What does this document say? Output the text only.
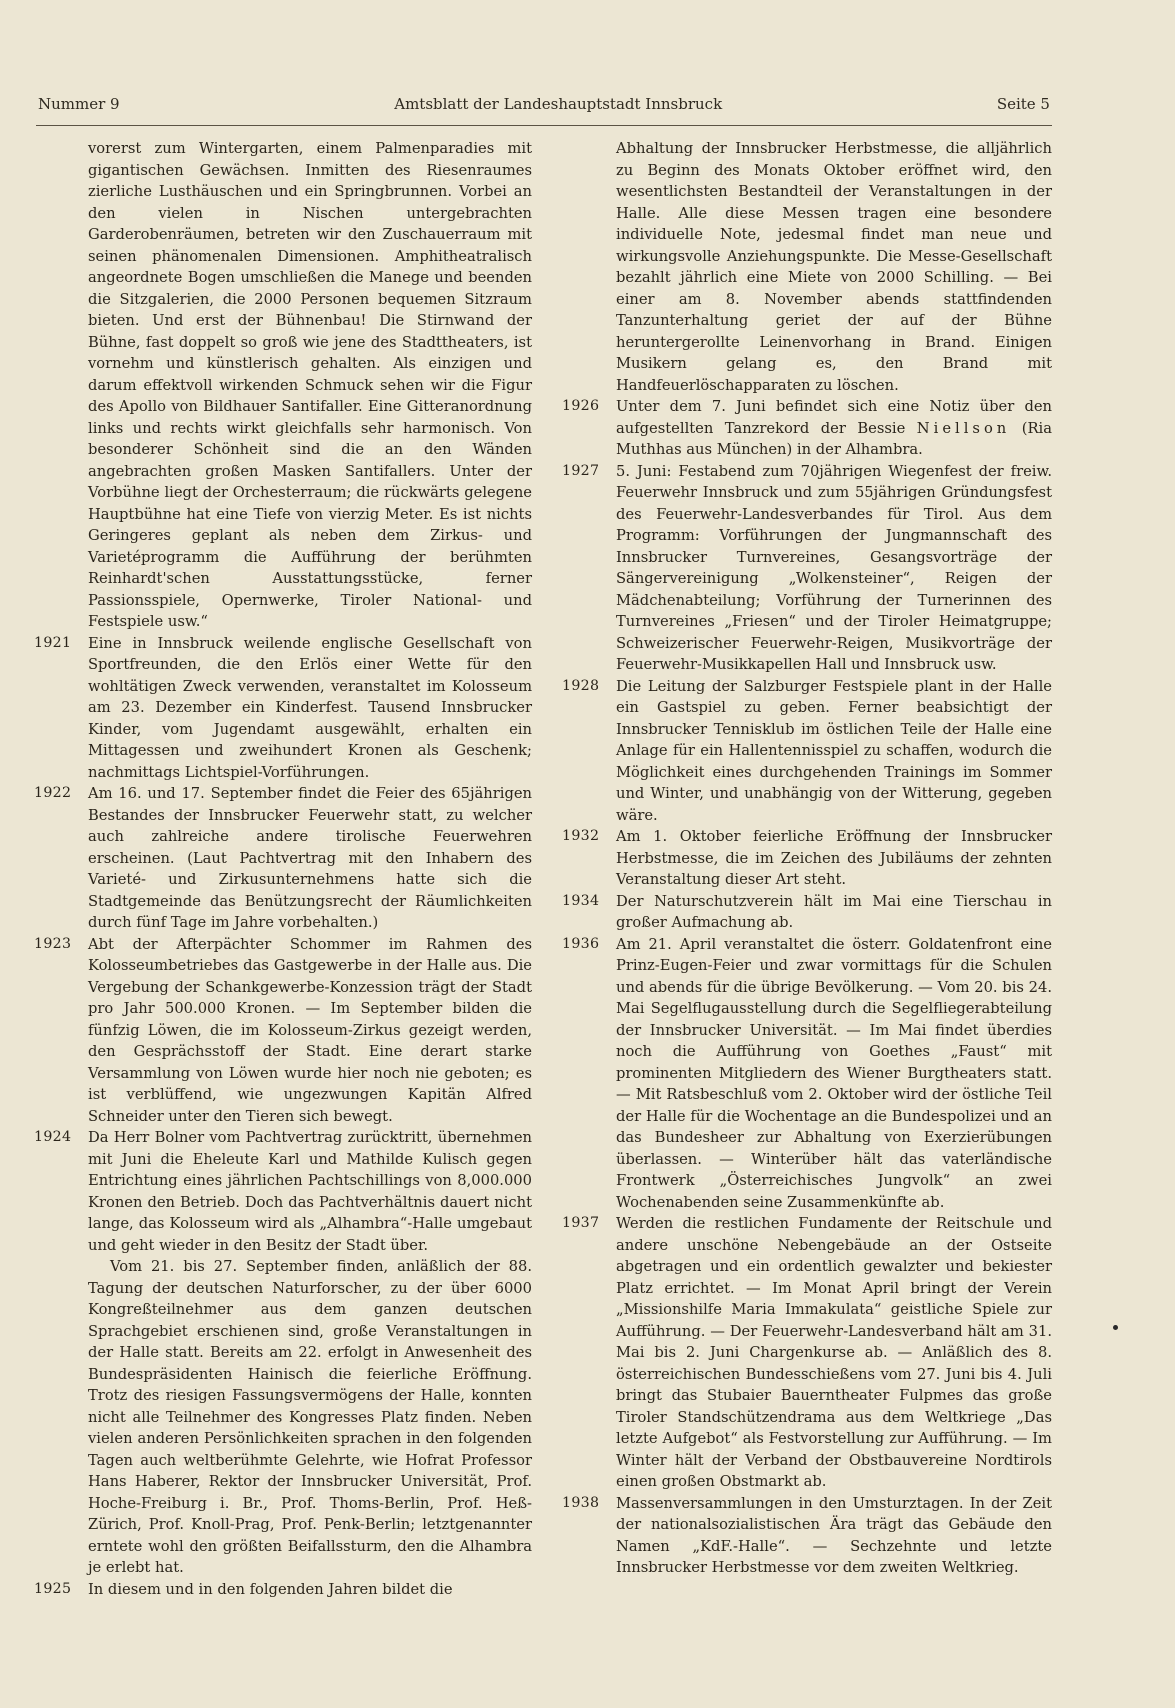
Nummer 9	Amtsblatt der Landeshauptstadt Innsbruck	Seite 5

vorerst zum Wintergarten, einem Palmenparadies mit gigantischen Gewächsen. Inmitten des Riesenraumes zierliche Lusthäuschen und ein Springbrunnen. Vorbei an den vielen in Nischen untergebrachten Garderobenräumen, betreten wir den Zuschauerraum mit seinen phänomenalen Dimensionen. Amphitheatralisch angeordnete Bogen umschließen die Manege und beenden die Sitzgalerien, die 2000 Personen bequemen Sitzraum bieten. Und erst der Bühnenbau! Die Stirnwand der Bühne, fast doppelt so groß wie jene des Stadttheaters, ist vornehm und künstlerisch gehalten. Als einzigen und darum effektvoll wirkenden Schmuck sehen wir die Figur des Apollo von Bildhauer Santifaller. Eine Gitteranordnung links und rechts wirkt gleichfalls sehr harmonisch. Von besonderer Schönheit sind die an den Wänden angebrachten großen Masken Santifallers. Unter der Vorbühne liegt der Orchesterraum; die rückwärts gelegene Hauptbühne hat eine Tiefe von vierzig Meter. Es ist nichts Geringeres geplant als neben dem Zirkus- und Varietéprogramm die Aufführung der berühmten Reinhardt'schen Ausstattungsstücke, ferner Passionsspiele, Opernwerke, Tiroler National- und Festspiele usw.“

1921	Eine in Innsbruck weilende englische Gesellschaft von Sportfreunden, die den Erlös einer Wette für den wohltätigen Zweck verwenden, veranstaltet im Kolosseum am 23. Dezember ein Kinderfest. Tausend Innsbrucker Kinder, vom Jugendamt ausgewählt, erhalten ein Mittagessen und zweihundert Kronen als Geschenk; nachmittags Lichtspiel-Vorführungen.

1922	Am 16. und 17. September findet die Feier des 65jährigen Bestandes der Innsbrucker Feuerwehr statt, zu welcher auch zahlreiche andere tirolische Feuerwehren erscheinen. (Laut Pachtvertrag mit den Inhabern des Varieté- und Zirkusunternehmens hatte sich die Stadtgemeinde das Benützungsrecht der Räumlichkeiten durch fünf Tage im Jahre vorbehalten.)

1923	Abt der Afterpächter Schommer im Rahmen des Kolosseumbetriebes das Gastgewerbe in der Halle aus. Die Vergebung der Schankgewerbe-Konzession trägt der Stadt pro Jahr 500.000 Kronen. — Im September bilden die fünfzig Löwen, die im Kolosseum-Zirkus gezeigt werden, den Gesprächsstoff der Stadt. Eine derart starke Versammlung von Löwen wurde hier noch nie geboten; es ist verblüffend, wie ungezwungen Kapitän Alfred Schneider unter den Tieren sich bewegt.

1924	Da Herr Bolner vom Pachtvertrag zurücktritt, übernehmen mit Juni die Eheleute Karl und Mathilde Kulisch gegen Entrichtung eines jährlichen Pachtschillings von 8,000.000 Kronen den Betrieb. Doch das Pachtverhältnis dauert nicht lange, das Kolosseum wird als „Alhambra“-Halle umgebaut und geht wieder in den Besitz der Stadt über.

Vom 21. bis 27. September finden, anläßlich der 88. Tagung der deutschen Naturforscher, zu der über 6000 Kongreßteilnehmer aus dem ganzen deutschen Sprachgebiet erschienen sind, große Veranstaltungen in der Halle statt. Bereits am 22. erfolgt in Anwesenheit des Bundespräsidenten Hainisch die feierliche Eröffnung. Trotz des riesigen Fassungsvermögens der Halle, konnten nicht alle Teilnehmer des Kongresses Platz finden. Neben vielen anderen Persönlichkeiten sprachen in den folgenden Tagen auch weltberühmte Gelehrte, wie Hofrat Professor Hans Haberer, Rektor der Innsbrucker Universität, Prof. Hoche-Freiburg i. Br., Prof. Thoms-Berlin, Prof. Heß-Zürich, Prof. Knoll-Prag, Prof. Penk-Berlin; letztgenannter erntete wohl den größten Beifallssturm, den die Alhambra je erlebt hat.

1925	In diesem und in den folgenden Jahren bildet die

Abhaltung der Innsbrucker Herbstmesse, die alljährlich zu Beginn des Monats Oktober eröffnet wird, den wesentlichsten Bestandteil der Veranstaltungen in der Halle. Alle diese Messen tragen eine besondere individuelle Note, jedesmal findet man neue und wirkungsvolle Anziehungspunkte. Die Messe-Gesellschaft bezahlt jährlich eine Miete von 2000 Schilling. — Bei einer am 8. November abends stattfindenden Tanzunterhaltung geriet der auf der Bühne heruntergerollte Leinenvorhang in Brand. Einigen Musikern gelang es, den Brand mit Handfeuerlöschapparaten zu löschen.

1926	Unter dem 7. Juni befindet sich eine Notiz über den aufgestellten Tanzrekord der Bessie Niellson (Ria Muthhas aus München) in der Alhambra.

1927	5. Juni: Festabend zum 70jährigen Wiegenfest der freiw. Feuerwehr Innsbruck und zum 55jährigen Gründungsfest des Feuerwehr-Landesverbandes für Tirol. Aus dem Programm: Vorführungen der Jungmannschaft des Innsbrucker Turnvereines, Gesangsvorträge der Sängervereinigung „Wolkensteiner“, Reigen der Mädchenabteilung; Vorführung der Turnerinnen des Turnvereines „Friesen“ und der Tiroler Heimatgruppe; Schweizerischer Feuerwehr-Reigen, Musikvorträge der Feuerwehr-Musikkapellen Hall und Innsbruck usw.

1928	Die Leitung der Salzburger Festspiele plant in der Halle ein Gastspiel zu geben. Ferner beabsichtigt der Innsbrucker Tennisklub im östlichen Teile der Halle eine Anlage für ein Hallentennisspiel zu schaffen, wodurch die Möglichkeit eines durchgehenden Trainings im Sommer und Winter, und unabhängig von der Witterung, gegeben wäre.

1932	Am 1. Oktober feierliche Eröffnung der Innsbrucker Herbstmesse, die im Zeichen des Jubiläums der zehnten Veranstaltung dieser Art steht.

1934	Der Naturschutzverein hält im Mai eine Tierschau in großer Aufmachung ab.

1936	Am 21. April veranstaltet die österr. Goldatenfront eine Prinz-Eugen-Feier und zwar vormittags für die Schulen und abends für die übrige Bevölkerung. — Vom 20. bis 24. Mai Segelflugausstellung durch die Segelfliegerabteilung der Innsbrucker Universität. — Im Mai findet überdies noch die Aufführung von Goethes „Faust“ mit prominenten Mitgliedern des Wiener Burgtheaters statt. — Mit Ratsbeschluß vom 2. Oktober wird der östliche Teil der Halle für die Wochentage an die Bundespolizei und an das Bundesheer zur Abhaltung von Exerzierübungen überlassen. — Winterüber hält das vaterländische Frontwerk „Österreichisches Jungvolk“ an zwei Wochenabenden seine Zusammenkünfte ab.

1937	Werden die restlichen Fundamente der Reitschule und andere unschöne Nebengebäude an der Ostseite abgetragen und ein ordentlich gewalzter und bekiester Platz errichtet. — Im Monat April bringt der Verein „Missionshilfe Maria Immakulata“ geistliche Spiele zur Aufführung. — Der Feuerwehr-Landesverband hält am 31. Mai bis 2. Juni Chargenkurse ab. — Anläßlich des 8. österreichischen Bundesschießens vom 27. Juni bis 4. Juli bringt das Stubaier Bauerntheater Fulpmes das große Tiroler Standschützendrama aus dem Weltkriege „Das letzte Aufgebot“ als Festvorstellung zur Aufführung. — Im Winter hält der Verband der Obstbauvereine Nordtirols einen großen Obstmarkt ab.

1938	Massenversammlungen in den Umsturztagen. In der Zeit der nationalsozialistischen Ära trägt das Gebäude den Namen „KdF.-Halle“. — Sechzehnte und letzte Innsbrucker Herbstmesse vor dem zweiten Weltkrieg.
